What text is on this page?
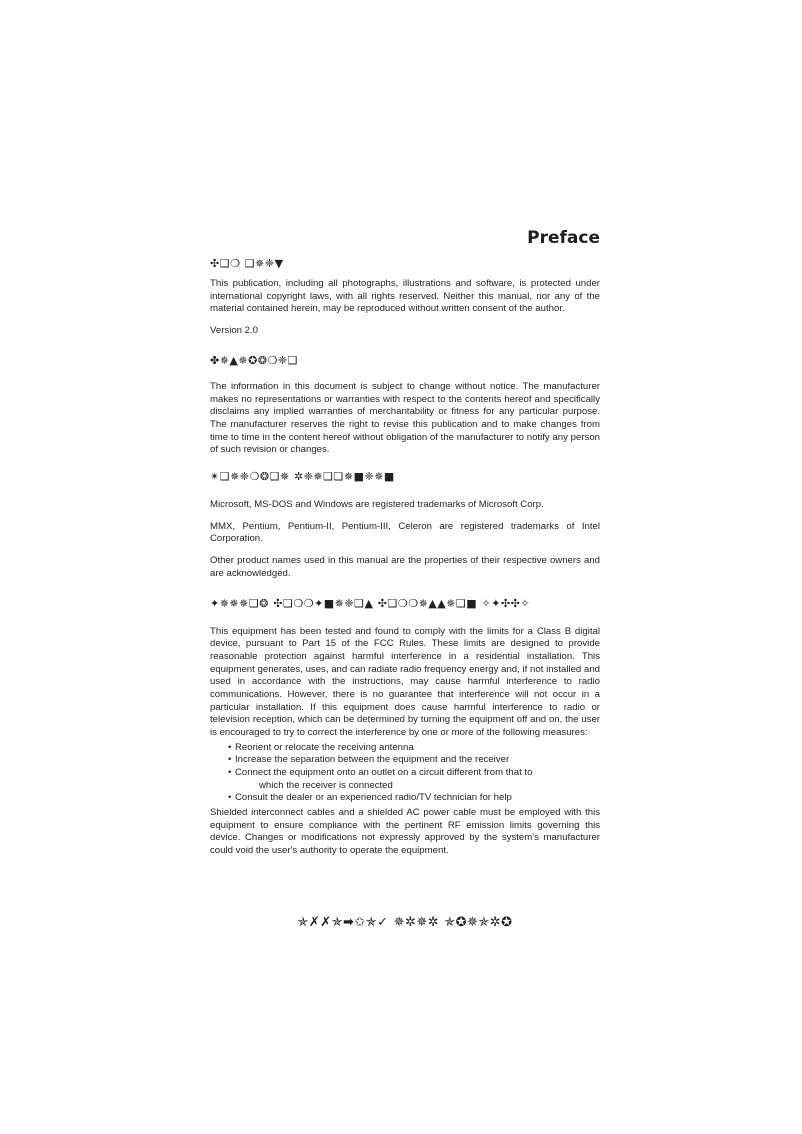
Preface
✣❑❍ ❑✵❈▼

This publication, including all photographs, illustrations and software, is protected under international copyright laws, with all rights reserved. Neither this manual, nor any of the material contained herein, may be reproduced without written consent of the author.

Version 2.0

✤✵▲✵✪❂❍❈❑

The information in this document is subject to change without notice. The manufacturer makes no representations or warranties with respect to the contents hereof and specifically disclaims any implied warranties of merchantability or fitness for any particular purpose. The manufacturer reserves the right to revise this publication and to make changes from time to time in the content hereof without obligation of the manufacturer to notify any person of such revision or changes.

✴❑✵❈❍❂❑✵ ✲❈✵❑❏✵■❈✵■

Microsoft, MS-DOS and Windows are registered trademarks of Microsoft Corp.

MMX, Pentium, Pentium-II, Pentium-III, Celeron are registered trademarks of Intel Corporation.

Other product names used in this manual are the properties of their respective owners and are acknowledged.

✦✵✵✵❑❂ ✣❑❍❍✦■✵❈❑▲ ✣❑❍❍✵▲▲✵❑■ ✧✦✣✣✧

This equipment has been tested and found to comply with the limits for a Class B digital device, pursuant to Part 15 of the FCC Rules. These limits are designed to provide reasonable protection against harmful interference in a residential installation. This equipment generates, uses, and can radiate radio frequency energy and, if not installed and used in accordance with the instructions, may cause harmful interference to radio communications. However, there is no guarantee that interference will not occur in a particular installation. If this equipment does cause harmful interference to radio or television reception, which can be determined by turning the equipment off and on, the user is encouraged to try to correct the interference by one or more of the following measures:

• Reorient or relocate the receiving antenna
• Increase the separation between the equipment and the receiver
• Connect the equipment onto an outlet on a circuit different from that to
which the receiver is connected
• Consult the dealer or an experienced radio/TV technician for help

Shielded interconnect cables and a shielded AC power cable must be employed with this equipment to ensure compliance with the pertinent RF emission limits governing this device. Changes or modifications not expressly approved by the system's manufacturer could void the user's authority to operate the equipment.

✯✗✗✯➡✩✯✓ ✵✲✵✲ ✯✪✵✯✲✪
